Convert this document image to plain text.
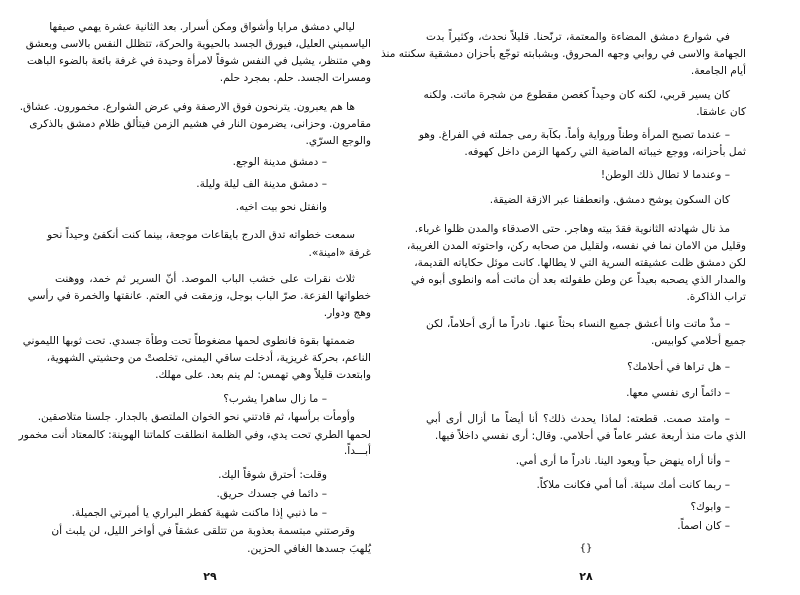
ليالي دمشق مرايا وأشواق ومكن أسرار. بعد الثانية عشرة يهمي صيفها
الياسميني العليل، فيورق الجسد بالحيوية والحركة، تتظلل النفس بالاسى وبعشق
وهي متنظر، يشيل في النفس شوقاً لامرأة وحيدة في غرفة بائعة بالضوء الباهت
ومسرات الجسد. حلم. بمجرد حلم.
ها هم يعبرون. يترنحون فوق الارصفة وفي عرض الشوارع. مخمورون. عشاق.
مقامرون. وحزانى، يضرمون النار في هشيم الزمن فيتألق ظلام دمشق بالذكرى
والوجع السرّي.
– دمشق مدينة الوجع.
– دمشق مدينة الف ليلة وليلة.
وانفتل نحو بيت اخيه.
سمعت خطواته تدق الدرج بايقاعات موجعة، بينما كنت أنكفئ وحيداً نحو
غرفة «امينة».
ثلاث نقرات على خشب الباب الموصد. أنّ السرير ثم خمد، ووهنت
خطواتها الفزعة. صرّ الباب بوجل، وزمقت في العتم. عانقتها والخمرة في رأسي
وهج ودوار.
ضممتها بقوة فانطوى لحمها مضغوطاً تحت وطأة جسدي. تحت ثوبها الليموني
الناعم، بحركة غريزية، أدخلت ساقي اليمنى، تخلصتْ من وحشيتي الشهوية،
وابتعدت قليلاً وهي تهمس: لم ينم بعد. على مهلك.
– ما زال ساهرا يشرب؟
وأومأت برأسها، ثم قادتني نحو الخوان الملتصق بالجدار. جلسنا متلاصقين.
لحمها الطري تحت يدي، وفي الظلمة انطلقت كلماتنا الهوينة: كالمعتاد أنت مخمور
أبـــداً.
وقلت: أحترق شوقاً اليك.
– دائما في جسدك حريق.
– ما ذنبي إذا ماكنت شهية كفطر البراري يا أميرتي الجميلة.
وقرصتني مبتسمة بعذوبة من تتلقى عشقاً في أواخر الليل، لن يلبث أن
يُلهبَ جسدها الغافي الحزين.
٢٩
في شوارع دمشق المضاءة والمعتمة، ترنّحنا. قليلاً نحدث، وكثيراً بدت
الجهامة والاسى في روابي وجهه المحروق. وبشبابته توجّع بأحزان دمشقية سكنته منذ
أيام الجامعة.
كان يسير قربي، لكنه كان وحيداً كغصن مقطوع من شجرة ماتت. ولكنه
كان عاشقا.
– عندما تصبح المرأة وطناً ورواية وأماً. بكآبة رمى جملته في الفراغ. وهو
ثمل بأحزانه، ووجع خيباته الماضية التي ركمها الزمن داخل كهوفه.
– وعندما لا تطال ذلك الوطن!
كان السكون يوشح دمشق. وانعطفنا عبر الازقة الضيقة.
مذ نال شهادته الثانوية فقدَ بيته وهاجر. حتى الاصدقاء والمدن ظلوا غرباء.
وقليل من الامان نما في نفسه، ولقليل من صحابه ركن، واحتوته المدن الغريبة،
لكن دمشق ظلت عشيقته السرية التي لا يطالها. كانت موئل حكاياته القديمة،
والمدار الذي يصحبه بعيداً عن وطن طفولته بعد أن ماتت أمه وانطوى أبوه في
تراب الذاكرة.
– مذْ ماتت وانا أعشق جميع النساء بحثاً عنها. نادراً ما أرى أحلاماً، لكن
جميع أحلامي كوابيس.
– هل تراها في أحلامك؟
– دائماً ارى نفسي معها.
– وامتد صمت. قطعته: لماذا يحدث ذلك؟ أنا أيضاً ما أزال أرى أبي
الذي مات منذ أربعة عشر عاماً في أحلامي. وقال: أرى نفسي داخلاً فيها.
– وأنا أراه ينهض حياً ويعود الينا. نادراً ما أرى أمي.
– ربما كانت أمك سيئة. أما أمي فكانت ملاكاً.
– وابوك؟
– كان اصماً.
{}
٢٨
